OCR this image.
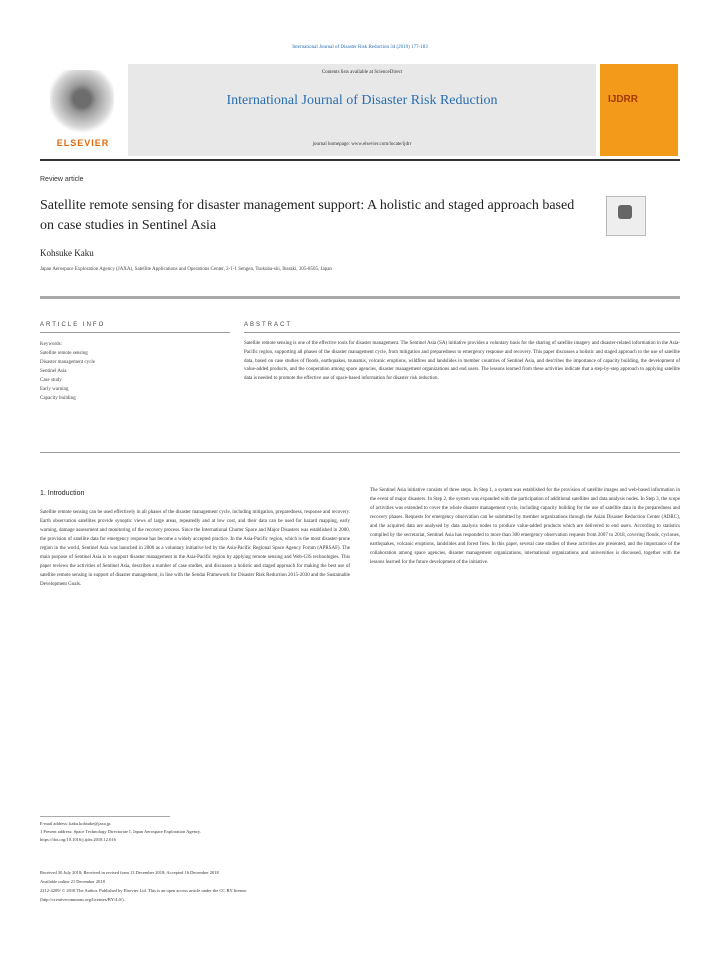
International Journal of Disaster Risk Reduction 34 (2019) 177-183
ELSEVIER
Contents lists available at ScienceDirect
International Journal of Disaster Risk Reduction
journal homepage: www.elsevier.com/locate/ijdrr
IJDRR
Review article
Satellite remote sensing for disaster management support: A holistic and staged approach based on case studies in Sentinel Asia
Kohsuke Kaku
Japan Aerospace Exploration Agency (JAXA), Satellite Applications and Operations Center, 2-1-1 Sengen, Tsukuba-shi, Ibaraki, 305-8505, Japan
ARTICLE INFO	ABSTRACT
Keywords:
Satellite remote sensing
Disaster management cycle
Sentinel Asia
Case study
Early warning
Capacity building
Satellite remote sensing is one of the effective tools for disaster management. The Sentinel Asia (SA) initiative provides a voluntary basis for the sharing of satellite imagery and disaster-related information in the Asia-Pacific region, supporting all phases of the disaster management cycle, from mitigation and preparedness to emergency response and recovery. This paper discusses a holistic and staged approach to the use of satellite data, based on case studies of floods, earthquakes, tsunamis, volcanic eruptions, wildfires and landslides in member countries of Sentinel Asia, and describes the importance of capacity building, the development of value-added products, and the cooperation among space agencies, disaster management organizations and end users. The lessons learned from these activities indicate that a step-by-step approach to applying satellite data is needed to promote the effective use of space-based information for disaster risk reduction.
1. Introduction
Satellite remote sensing can be used effectively in all phases of the disaster management cycle, including mitigation, preparedness, response and recovery. Earth observation satellites provide synoptic views of large areas, repeatedly and at low cost, and their data can be used for hazard mapping, early warning, damage assessment and monitoring of the recovery process. Since the International Charter Space and Major Disasters was established in 2000, the provision of satellite data for emergency response has become a widely accepted practice. In the Asia-Pacific region, which is the most disaster-prone region in the world, Sentinel Asia was launched in 2006 as a voluntary initiative led by the Asia-Pacific Regional Space Agency Forum (APRSAF). The main purpose of Sentinel Asia is to support disaster management in the Asia-Pacific region by applying remote sensing and Web-GIS technologies. This paper reviews the activities of Sentinel Asia, describes a number of case studies, and discusses a holistic and staged approach for making the best use of satellite remote sensing in support of disaster management, in line with the Sendai Framework for Disaster Risk Reduction 2015-2030 and the Sustainable Development Goals.
The Sentinel Asia initiative consists of three steps. In Step 1, a system was established for the provision of satellite images and web-based information in the event of major disasters. In Step 2, the system was expanded with the participation of additional satellites and data analysis nodes. In Step 3, the scope of activities was extended to cover the whole disaster management cycle, including capacity building for the use of satellite data in the preparedness and recovery phases. Requests for emergency observation can be submitted by member organizations through the Asian Disaster Reduction Center (ADRC), and the acquired data are analysed by data analysis nodes to produce value-added products which are delivered to end users. According to statistics compiled by the secretariat, Sentinel Asia has responded to more than 300 emergency observation requests from 2007 to 2018, covering floods, cyclones, earthquakes, volcanic eruptions, landslides and forest fires. In this paper, several case studies of these activities are presented, and the importance of the collaboration among space agencies, disaster management organizations, international organizations and universities is discussed, together with the lessons learned for the future development of the initiative.
E-mail address: kaku.kohsuke@jaxa.jp.
1 Present address: Space Technology Directorate I, Japan Aerospace Exploration Agency.
https://doi.org/10.1016/j.ijdrr.2018.12.016
Received 30 July 2018; Received in revised form 13 December 2018; Accepted 16 December 2018
Available online 21 December 2018
2212-4209/ © 2018 The Author. Published by Elsevier Ltd. This is an open access article under the CC BY license.
(http://creativecommons.org/licenses/BY/4.0/).
